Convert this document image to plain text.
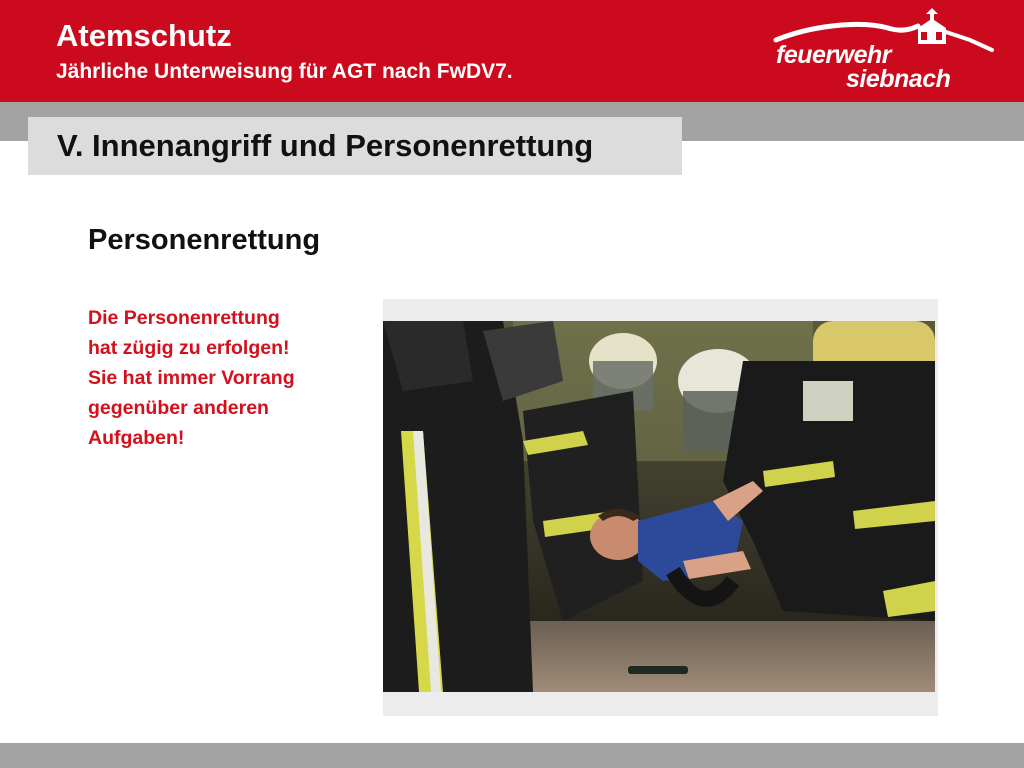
Atemschutz
Jährliche Unterweisung für AGT nach FwDV7.
feuerwehr
siebnach
V. Innenangriff und Personenrettung
Personenrettung
Die Personenrettung
hat zügig zu erfolgen!
Sie hat immer Vorrang
gegenüber anderen
Aufgaben!
